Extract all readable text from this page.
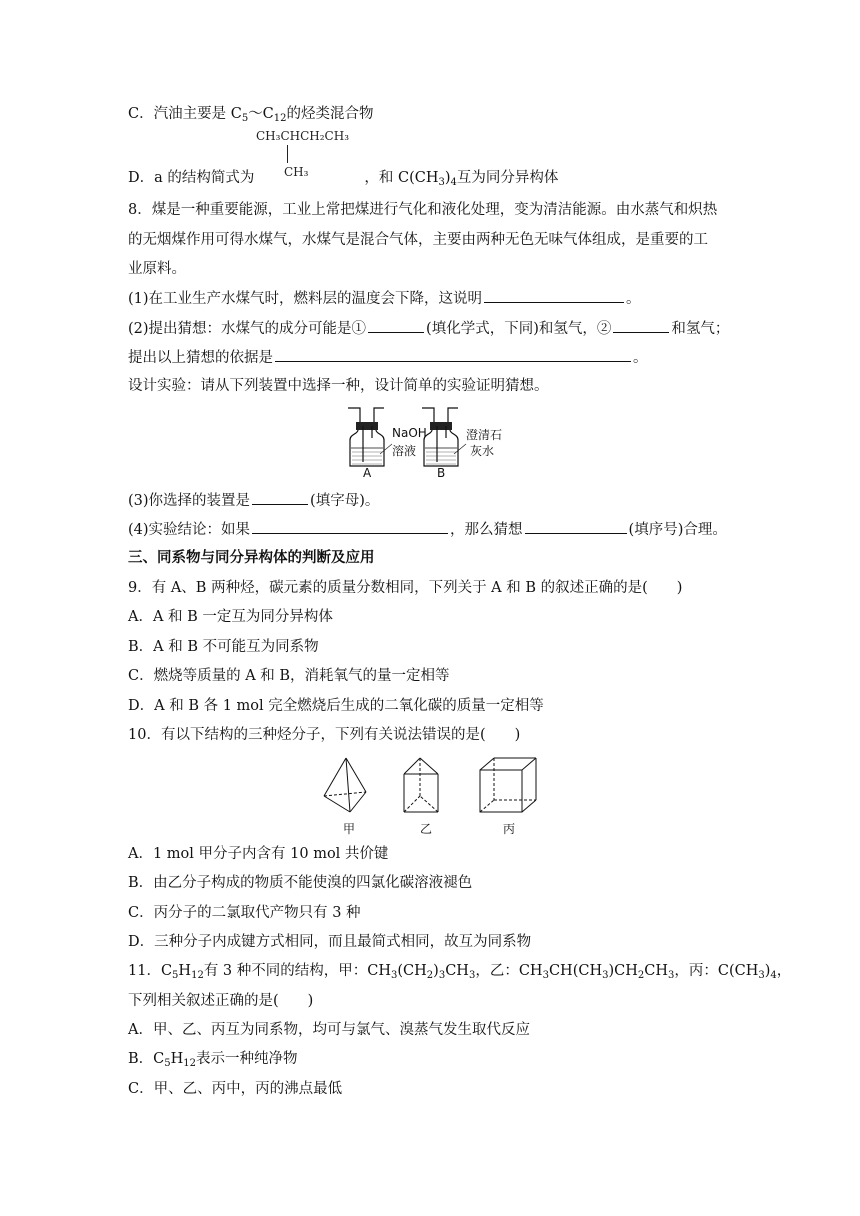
C．汽油主要是 $C_5\sim C_{12}$的烃类混合物
CH₃CHCH₂CH₃
CH₃
D．a 的结构简式为	，和 $C(CH_3)_4$互为同分异构体
8．煤是一种重要能源，工业上常把煤进行气化和液化处理，变为清洁能源。由水蒸气和炽热
的无烟煤作用可得水煤气，水煤气是混合气体，主要由两种无色无味气体组成，是重要的工
业原料。
(1)在工业生产水煤气时，燃料层的温度会下降，这说明	。
(2)提出猜想：水煤气的成分可能是①	(填化学式，下同)和氢气，②	和氢气；
提出以上猜想的依据是	。
设计实验：请从下列装置中选择一种，设计简单的实验证明猜想。
NaOH
溶液
A
澄清石
灰水
B
(3)你选择的装置是	(填字母)。
(4)实验结论：如果	，那么猜想	(填序号)合理。
三、同系物与同分异构体的判断及应用
9．有 A、B 两种烃，碳元素的质量分数相同，下列关于 A 和 B 的叙述正确的是(　　)
A．A 和 B 一定互为同分异构体
B．A 和 B 不可能互为同系物
C．燃烧等质量的 A 和 B，消耗氧气的量一定相等
D．A 和 B 各 1 mol 完全燃烧后生成的二氧化碳的质量一定相等
10．有以下结构的三种烃分子，下列有关说法错误的是(　　)
甲	乙	丙
A．1 mol 甲分子内含有 10 mol 共价键
B．由乙分子构成的物质不能使溴的四氯化碳溶液褪色
C．丙分子的二氯取代产物只有 3 种
D．三种分子内成键方式相同，而且最简式相同，故互为同系物
11．$C_5H_{12}$有 3 种不同的结构，甲：$CH_3(CH_2)_3CH_3$，乙：$CH_3CH(CH_3)CH_2CH_3$，丙：$C(CH_3)_4$，
下列相关叙述正确的是(　　)
A．甲、乙、丙互为同系物，均可与氯气、溴蒸气发生取代反应
B．$C_5H_{12}$表示一种纯净物
C．甲、乙、丙中，丙的沸点最低
